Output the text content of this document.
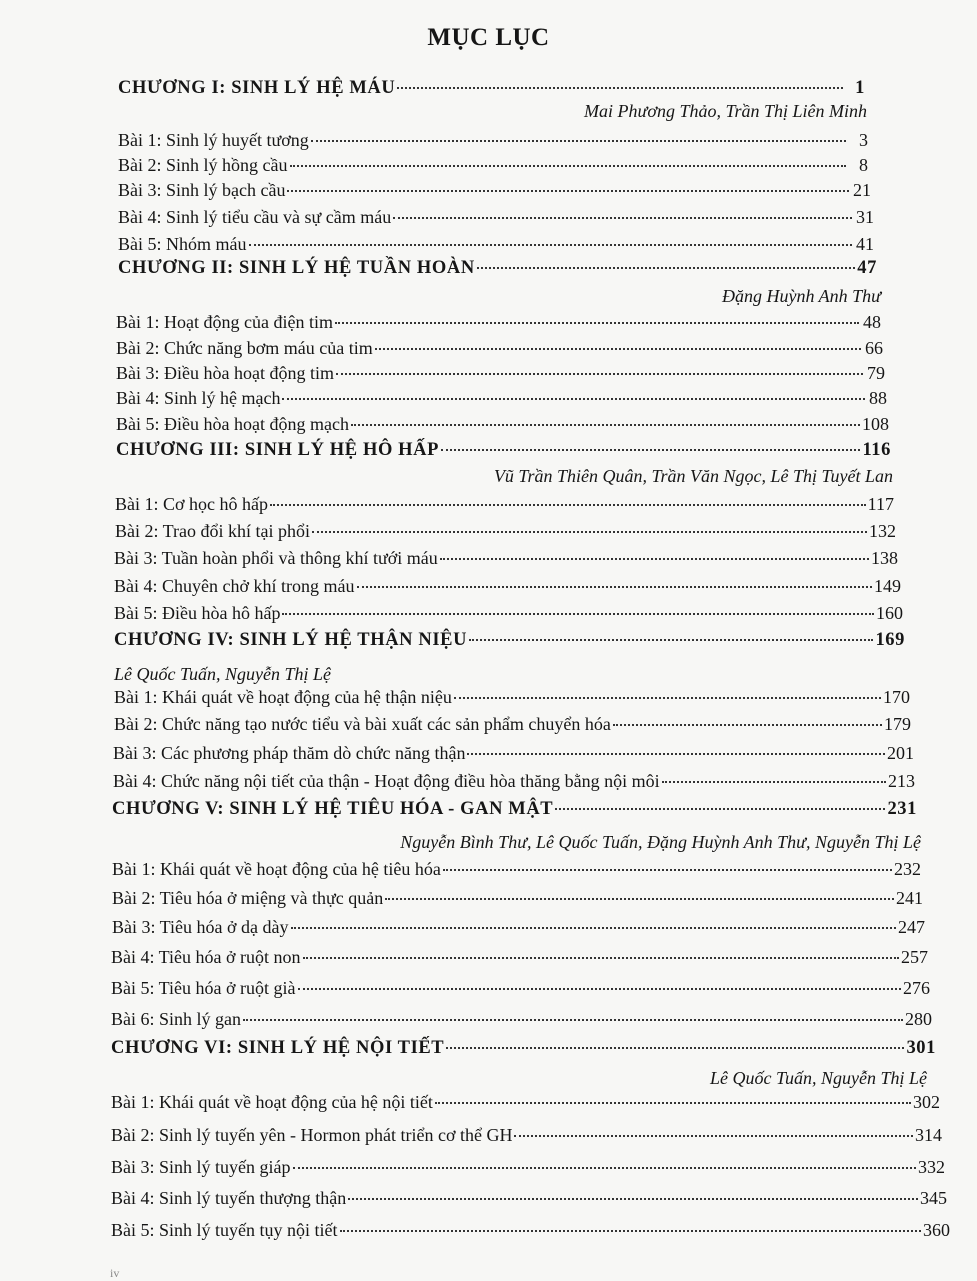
MỤC LỤC
CHƯƠNG I: SINH LÝ HỆ MÁU	1
Mai Phương Thảo, Trần Thị Liên Minh
Bài 1: Sinh lý huyết tương	3
Bài 2: Sinh lý hồng cầu	8
Bài 3: Sinh lý bạch cầu	21
Bài 4: Sinh lý tiểu cầu và sự cầm máu	31
Bài 5: Nhóm máu	41
CHƯƠNG II: SINH LÝ HỆ TUẦN HOÀN	47
Đặng Huỳnh Anh Thư
Bài 1: Hoạt động của điện tim	48
Bài 2: Chức năng bơm máu của tim	66
Bài 3: Điều hòa hoạt động tim	79
Bài 4: Sinh lý hệ mạch	88
Bài 5: Điều hòa hoạt động mạch	108
CHƯƠNG III: SINH LÝ HỆ HÔ HẤP	116
Vũ Trần Thiên Quân, Trần Văn Ngọc, Lê Thị Tuyết Lan
Bài 1: Cơ học hô hấp	117
Bài 2: Trao đổi khí tại phổi	132
Bài 3: Tuần hoàn phổi và thông khí tưới máu	138
Bài 4: Chuyên chở khí trong máu	149
Bài 5: Điều hòa hô hấp	160
CHƯƠNG IV: SINH LÝ HỆ THẬN NIỆU	169
Lê Quốc Tuấn, Nguyễn Thị Lệ
Bài 1: Khái quát về hoạt động của hệ thận niệu	170
Bài 2: Chức năng tạo nước tiểu và bài xuất các sản phẩm chuyển hóa	179
Bài 3: Các phương pháp thăm dò chức năng thận	201
Bài 4: Chức năng nội tiết của thận - Hoạt động điều hòa thăng bằng nội môi	213
CHƯƠNG V: SINH LÝ HỆ TIÊU HÓA - GAN MẬT	231
Nguyễn Bình Thư, Lê Quốc Tuấn, Đặng Huỳnh Anh Thư, Nguyễn Thị Lệ
Bài 1: Khái quát về hoạt động của hệ tiêu hóa	232
Bài 2: Tiêu hóa ở miệng và thực quản	241
Bài 3: Tiêu hóa ở dạ dày	247
Bài 4: Tiêu hóa ở ruột non	257
Bài 5: Tiêu hóa ở ruột già	276
Bài 6: Sinh lý gan	280
CHƯƠNG VI: SINH LÝ HỆ NỘI TIẾT	301
Lê Quốc Tuấn, Nguyễn Thị Lệ
Bài 1: Khái quát về hoạt động của hệ nội tiết	302
Bài 2: Sinh lý tuyến yên - Hormon phát triển cơ thể GH	314
Bài 3: Sinh lý tuyến giáp	332
Bài 4: Sinh lý tuyến thượng thận	345
Bài 5: Sinh lý tuyến tụy nội tiết	360
iv
